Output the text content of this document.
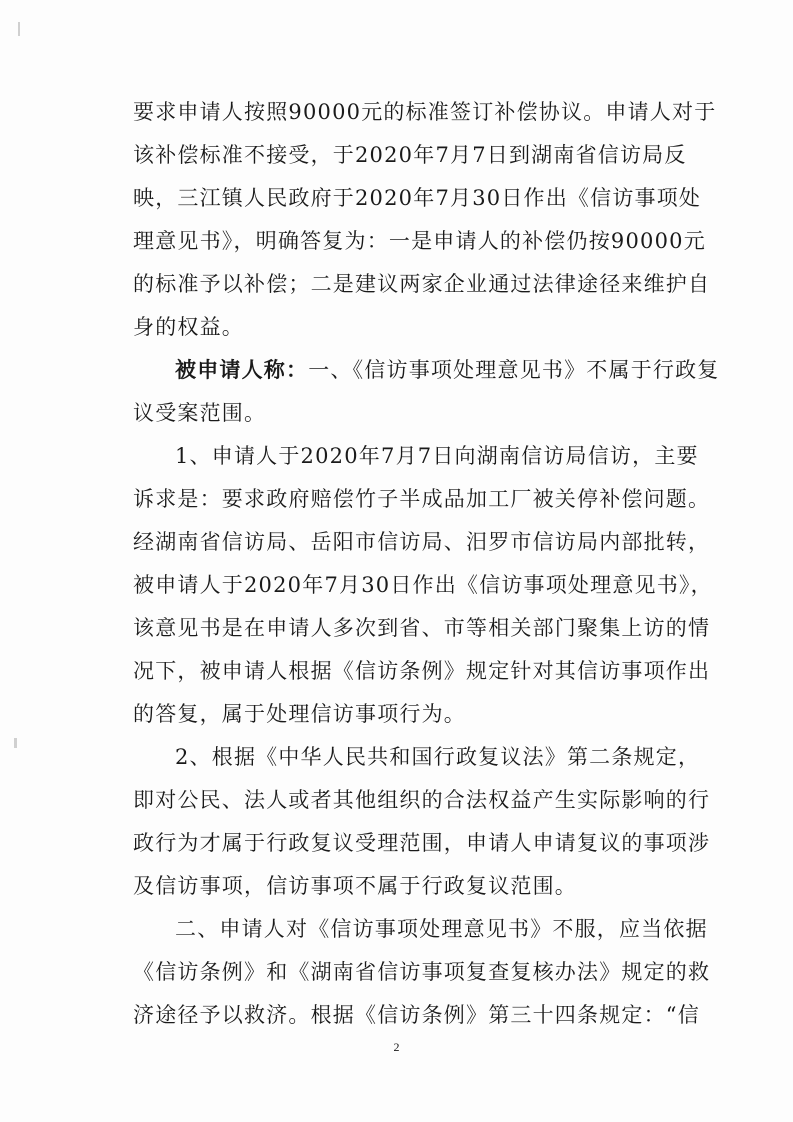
要求申请人按照90000元的标准签订补偿协议。申请人对于
该补偿标准不接受，于2020年7月7日到湖南省信访局反
映，三江镇人民政府于2020年7月30日作出《信访事项处
理意见书》，明确答复为：一是申请人的补偿仍按90000元
的标准予以补偿；二是建议两家企业通过法律途径来维护自
身的权益。
被申请人称：一、《信访事项处理意见书》不属于行政复
议受案范围。
1、申请人于2020年7月7日向湖南信访局信访，主要
诉求是：要求政府赔偿竹子半成品加工厂被关停补偿问题。
经湖南省信访局、岳阳市信访局、汨罗市信访局内部批转，
被申请人于2020年7月30日作出《信访事项处理意见书》，
该意见书是在申请人多次到省、市等相关部门聚集上访的情
况下，被申请人根据《信访条例》规定针对其信访事项作出
的答复，属于处理信访事项行为。
2、根据《中华人民共和国行政复议法》第二条规定，
即对公民、法人或者其他组织的合法权益产生实际影响的行
政行为才属于行政复议受理范围，申请人申请复议的事项涉
及信访事项，信访事项不属于行政复议范围。
二、申请人对《信访事项处理意见书》不服，应当依据
《信访条例》和《湖南省信访事项复查复核办法》规定的救
济途径予以救济。根据《信访条例》第三十四条规定：“信
2
